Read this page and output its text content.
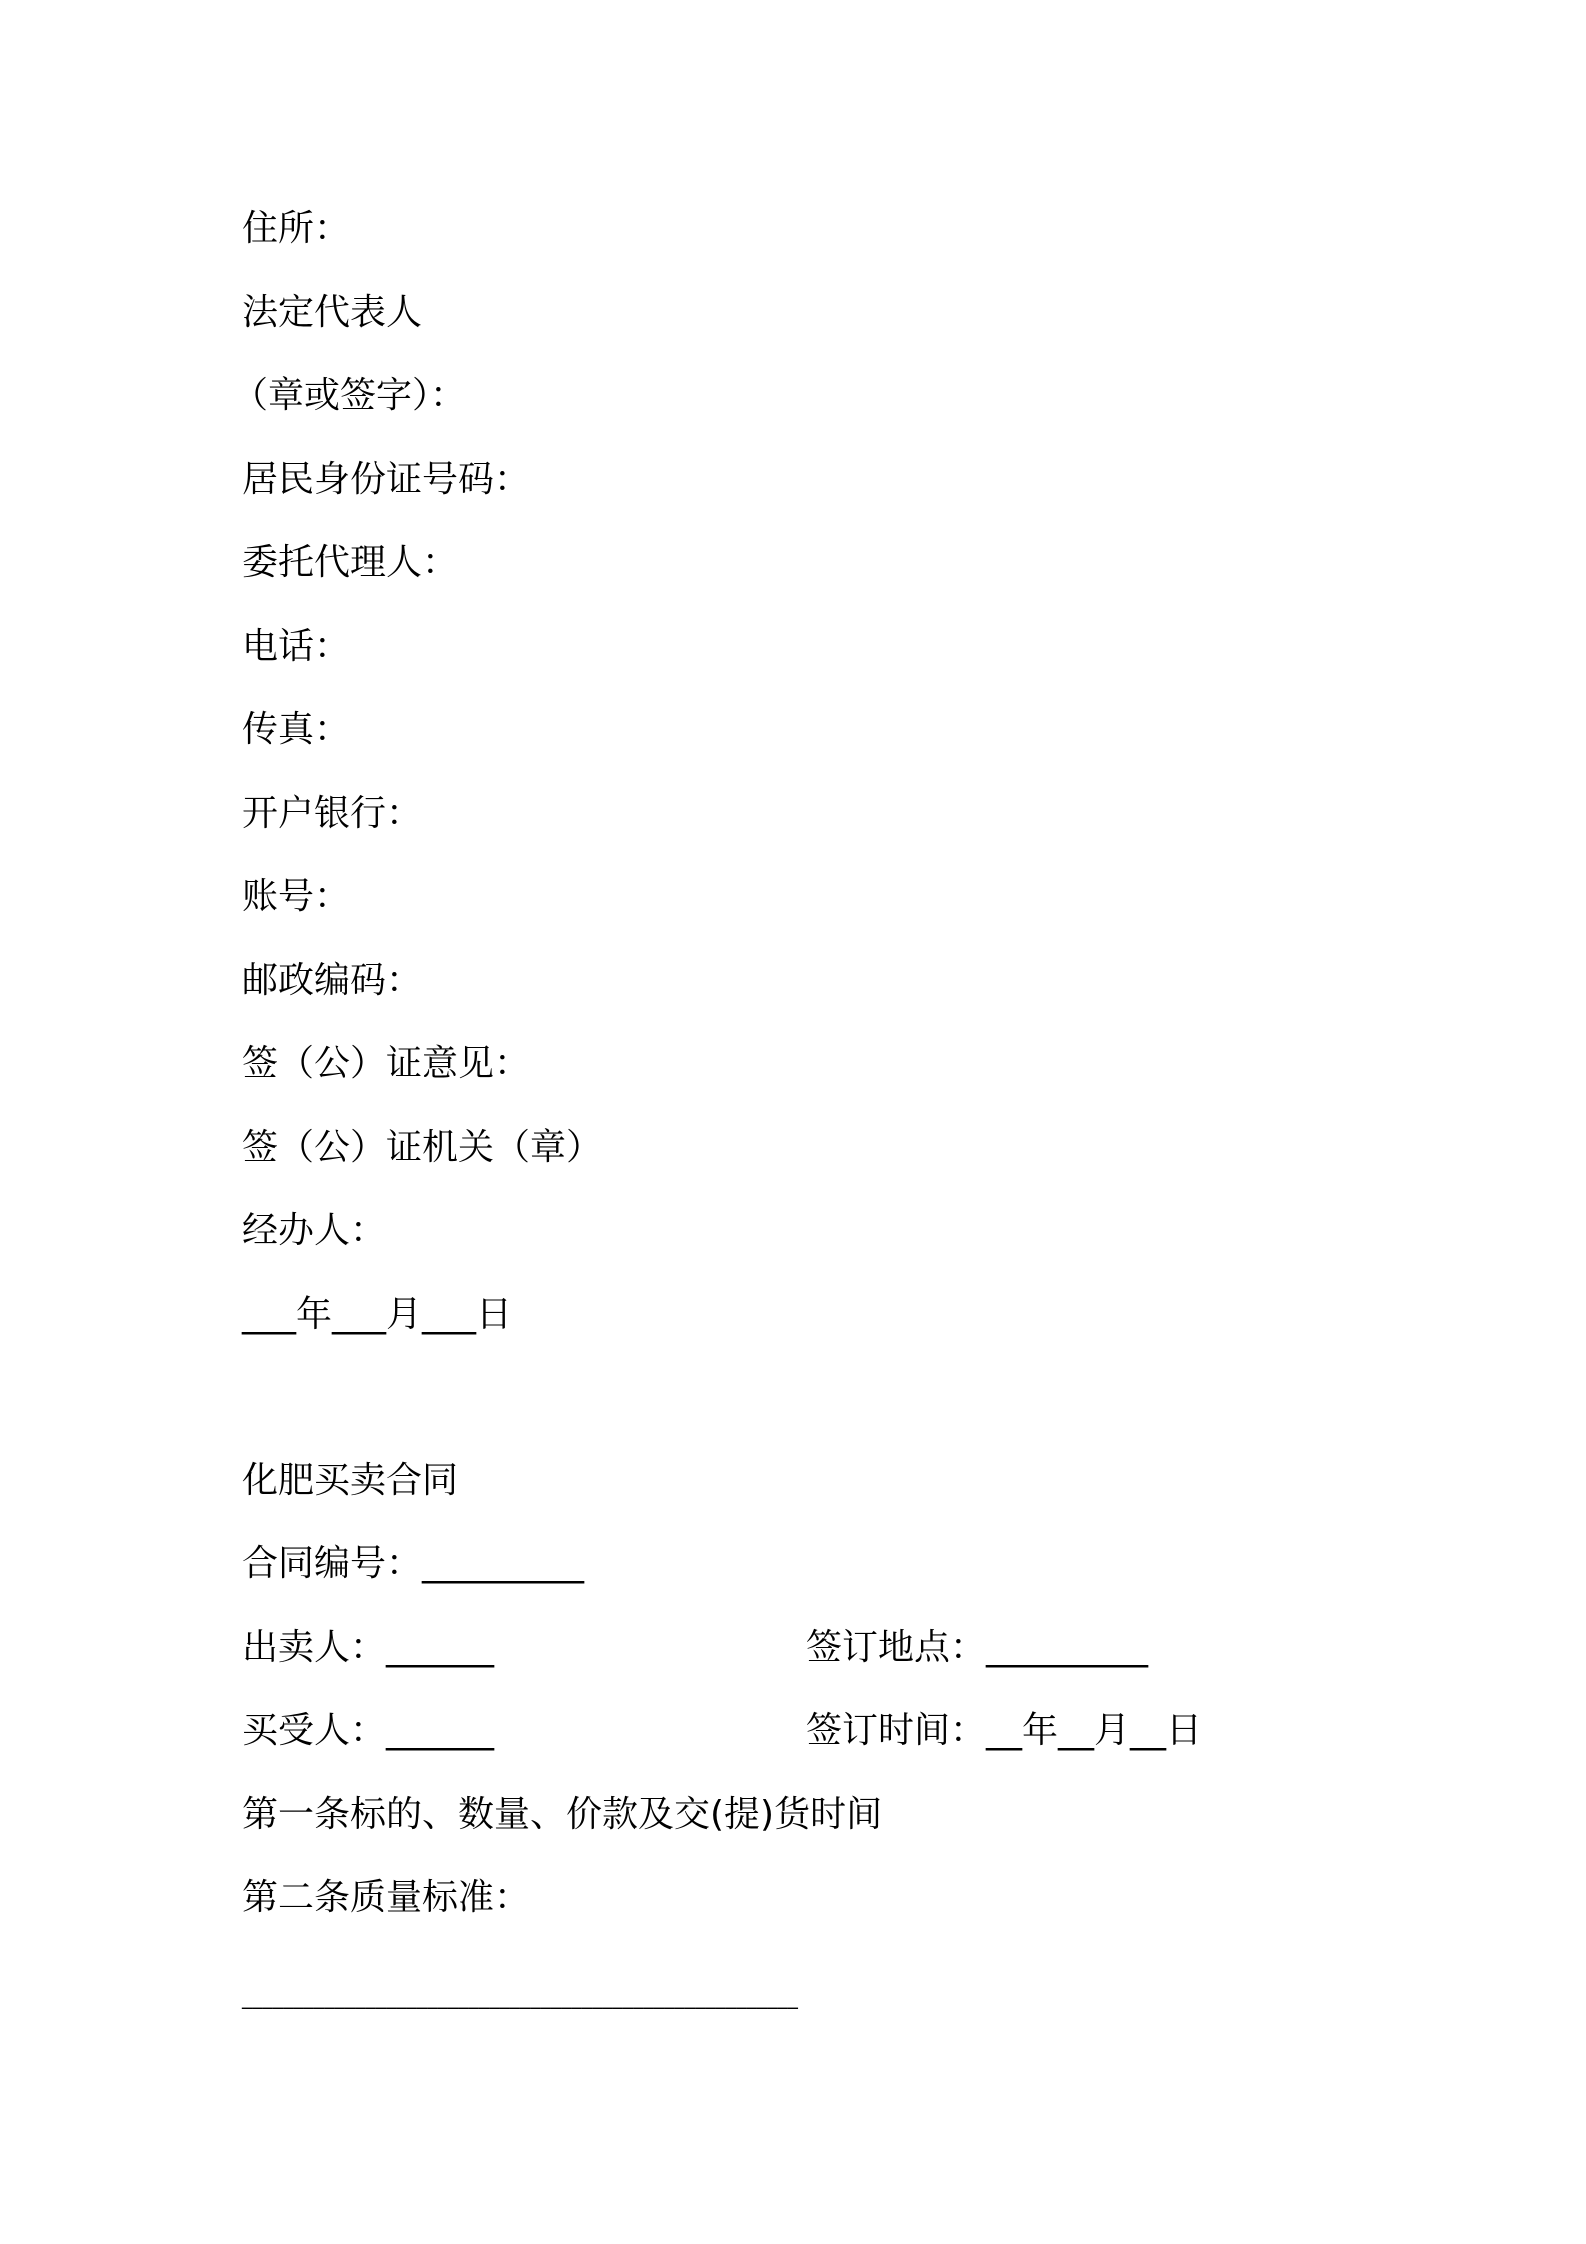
住所：

法定代表人

（章或签字）：

居民身份证号码：

委托代理人：

电话：

传真：

开户银行：

账号：

邮政编码：

签（公）证意见：

签（公）证机关（章）

经办人：

___年___月___日

化肥买卖合同

合同编号：_________

出卖人：______	签订地点：_________

买受人：______	签订时间：__年__月__日

第一条标的、数量、价款及交(提)货时间

第二条质量标准：

______________________________________________________
